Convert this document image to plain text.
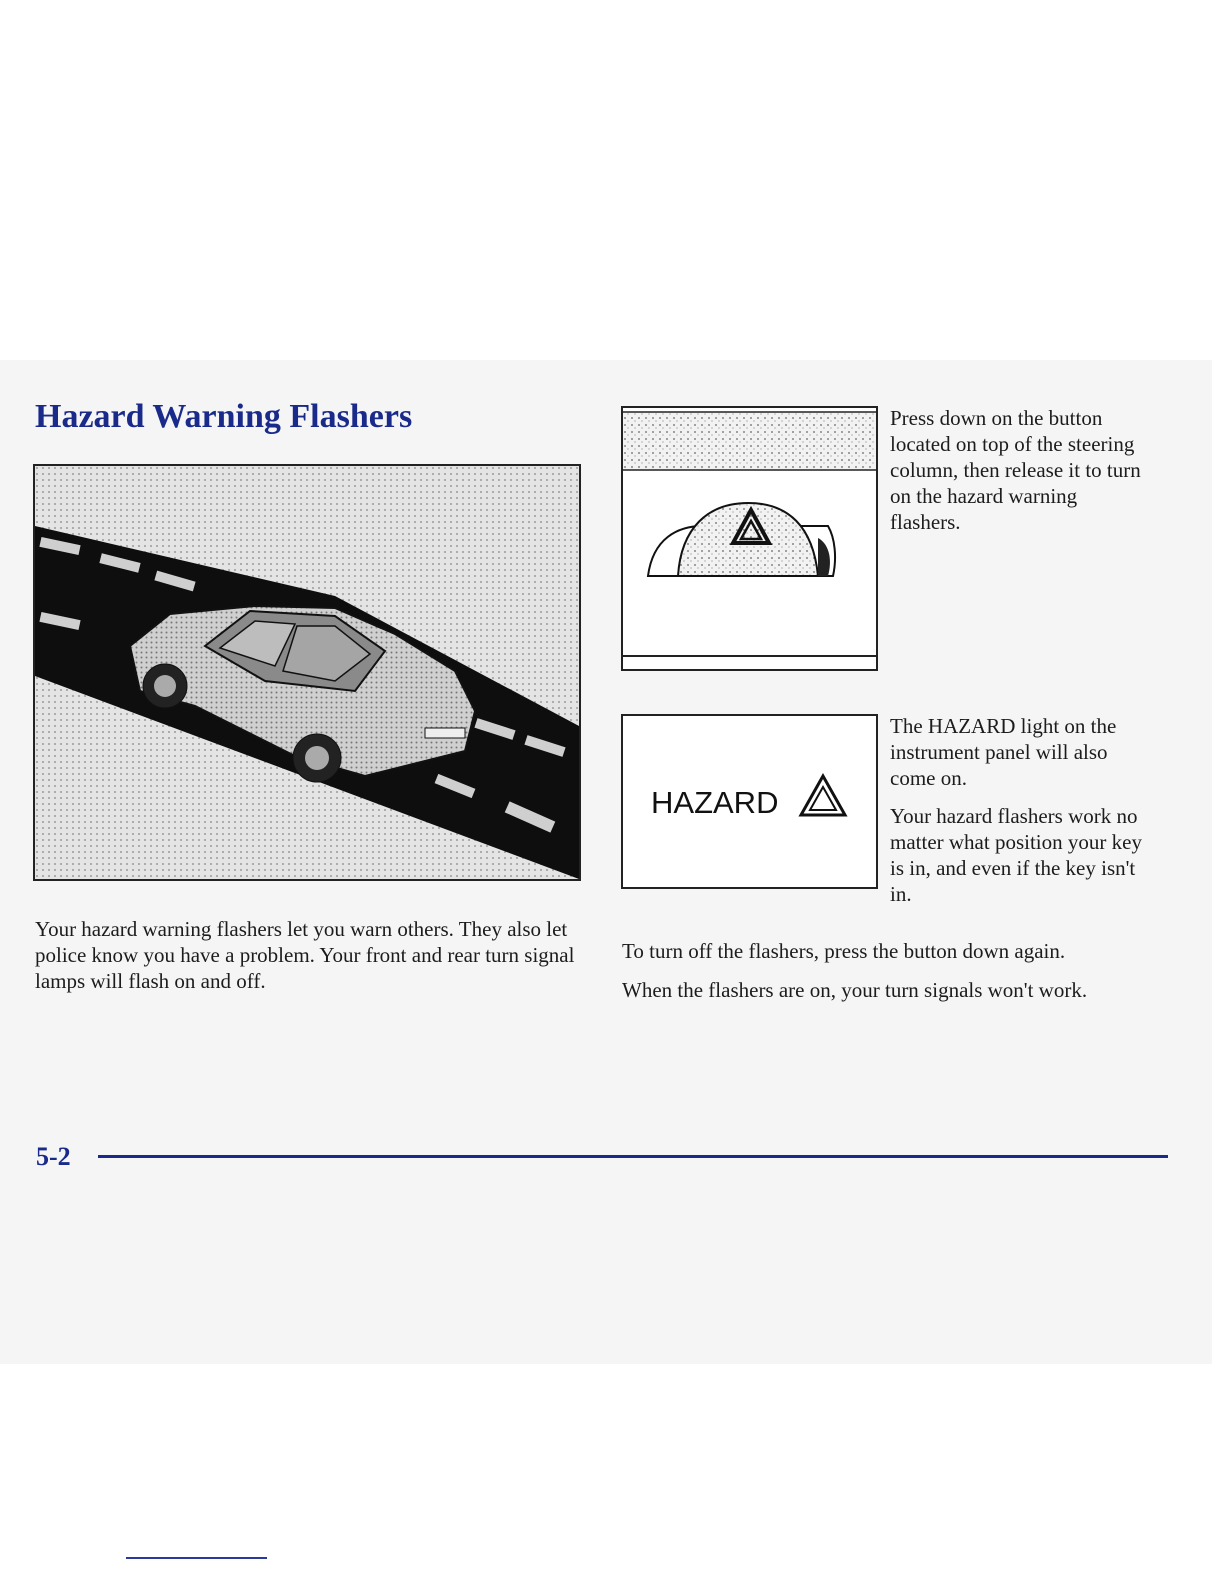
Hazard Warning Flashers

Your hazard warning flashers let you warn others. They also let police know you have a problem. Your front and rear turn signal lamps will flash on and off.

Press down on the button located on top of the steering column, then release it to turn on the hazard warning flashers.

HAZARD

The HAZARD light on the instrument panel will also come on.

Your hazard flashers work no matter what position your key is in, and even if the key isn't in.

To turn off the flashers, press the button down again.

When the flashers are on, your turn signals won't work.

5-2
